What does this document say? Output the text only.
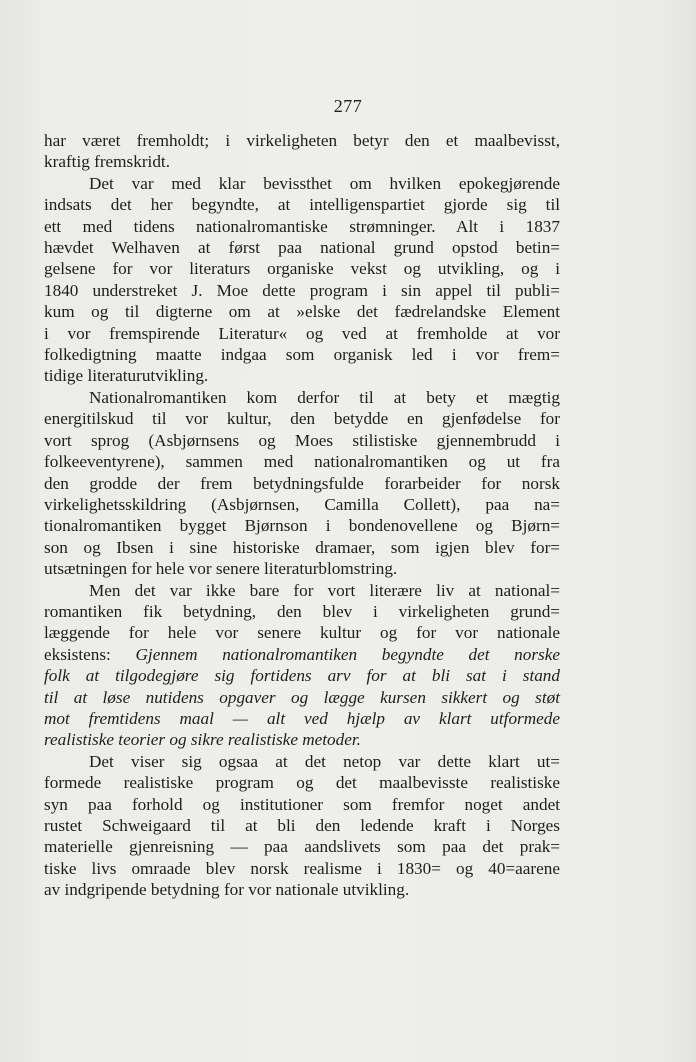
277
har været fremholdt; i virkeligheten betyr den et maalbevisst,
kraftig fremskridt.
Det var med klar bevissthet om hvilken epokegjørende
indsats det her begyndte, at intelligenspartiet gjorde sig til
ett med tidens nationalromantiske strømninger. Alt i 1837
hævdet Welhaven at først paa national grund opstod betin=
gelsene for vor literaturs organiske vekst og utvikling, og i
1840 understreket J. Moe dette program i sin appel til publi=
kum og til digterne om at »elske det fædrelandske Element
i vor fremspirende Literatur« og ved at fremholde at vor
folkedigtning maatte indgaa som organisk led i vor frem=
tidige literaturutvikling.
Nationalromantiken kom derfor til at bety et mægtig
energitilskud til vor kultur, den betydde en gjenfødelse for
vort sprog (Asbjørnsens og Moes stilistiske gjennembrudd i
folkeeventyrene), sammen med nationalromantiken og ut fra
den grodde der frem betydningsfulde forarbeider for norsk
virkelighetsskildring (Asbjørnsen, Camilla Collett), paa na=
tionalromantiken bygget Bjørnson i bondenovellene og Bjørn=
son og Ibsen i sine historiske dramaer, som igjen blev for=
utsætningen for hele vor senere literaturblomstring.
Men det var ikke bare for vort literære liv at national=
romantiken fik betydning, den blev i virkeligheten grund=
læggende for hele vor senere kultur og for vor nationale
eksistens: Gjennem nationalromantiken begyndte det norske
folk at tilgodegjøre sig fortidens arv for at bli sat i stand
til at løse nutidens opgaver og lægge kursen sikkert og støt
mot fremtidens maal — alt ved hjælp av klart utformede
realistiske teorier og sikre realistiske metoder.
Det viser sig ogsaa at det netop var dette klart ut=
formede realistiske program og det maalbevisste realistiske
syn paa forhold og institutioner som fremfor noget andet
rustet Schweigaard til at bli den ledende kraft i Norges
materielle gjenreisning — paa aandslivets som paa det prak=
tiske livs omraade blev norsk realisme i 1830= og 40=aarene
av indgripende betydning for vor nationale utvikling.
